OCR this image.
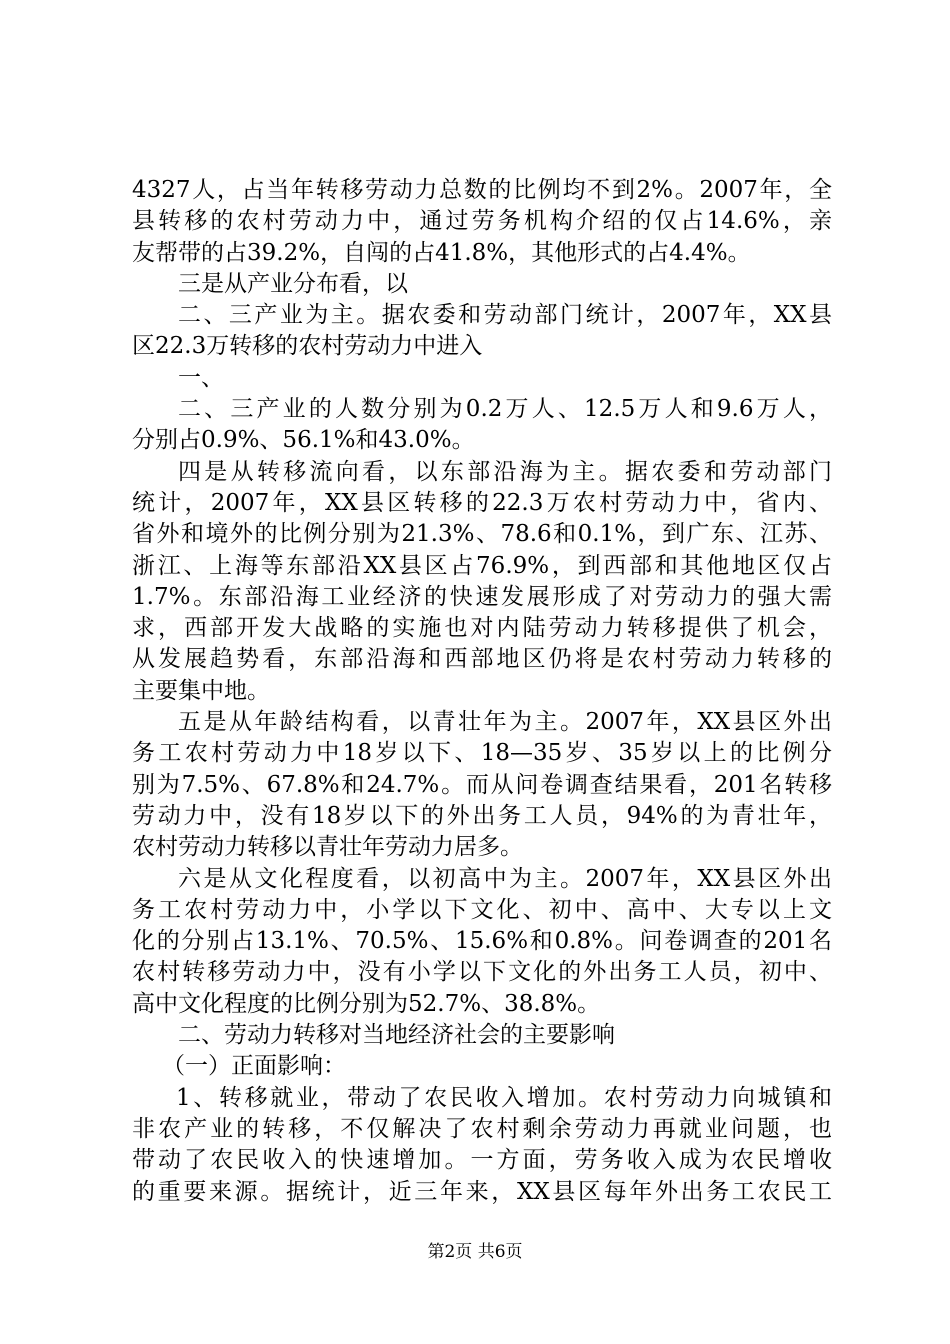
4327人，占当年转移劳动力总数的比例均不到2%。2007年，全
县转移的农村劳动力中，通过劳务机构介绍的仅占14.6%，亲
友帮带的占39.2%，自闯的占41.8%，其他形式的占4.4%。
三是从产业分布看，以
二、三产业为主。据农委和劳动部门统计，2007年，XX县
区22.3万转移的农村劳动力中进入
一、
二、三产业的人数分别为0.2万人、12.5万人和9.6万人，
分别占0.9%、56.1%和43.0%。
四是从转移流向看，以东部沿海为主。据农委和劳动部门
统计，2007年，XX县区转移的22.3万农村劳动力中，省内、
省外和境外的比例分别为21.3%、78.6和0.1%，到广东、江苏、
浙江、上海等东部沿XX县区占76.9%，到西部和其他地区仅占
1.7%。东部沿海工业经济的快速发展形成了对劳动力的强大需
求，西部开发大战略的实施也对内陆劳动力转移提供了机会，
从发展趋势看，东部沿海和西部地区仍将是农村劳动力转移的
主要集中地。
五是从年龄结构看，以青壮年为主。2007年，XX县区外出
务工农村劳动力中18岁以下、18—35岁、35岁以上的比例分
别为7.5%、67.8%和24.7%。而从问卷调查结果看，201名转移
劳动力中，没有18岁以下的外出务工人员，94%的为青壮年，
农村劳动力转移以青壮年劳动力居多。
六是从文化程度看，以初高中为主。2007年，XX县区外出
务工农村劳动力中，小学以下文化、初中、高中、大专以上文
化的分别占13.1%、70.5%、15.6%和0.8%。问卷调查的201名
农村转移劳动力中，没有小学以下文化的外出务工人员，初中、
高中文化程度的比例分别为52.7%、38.8%。
二、劳动力转移对当地经济社会的主要影响
（一）正面影响：
1、转移就业，带动了农民收入增加。农村劳动力向城镇和
非农产业的转移，不仅解决了农村剩余劳动力再就业问题，也
带动了农民收入的快速增加。一方面，劳务收入成为农民增收
的重要来源。据统计，近三年来，XX县区每年外出务工农民工
第2页 共6页
